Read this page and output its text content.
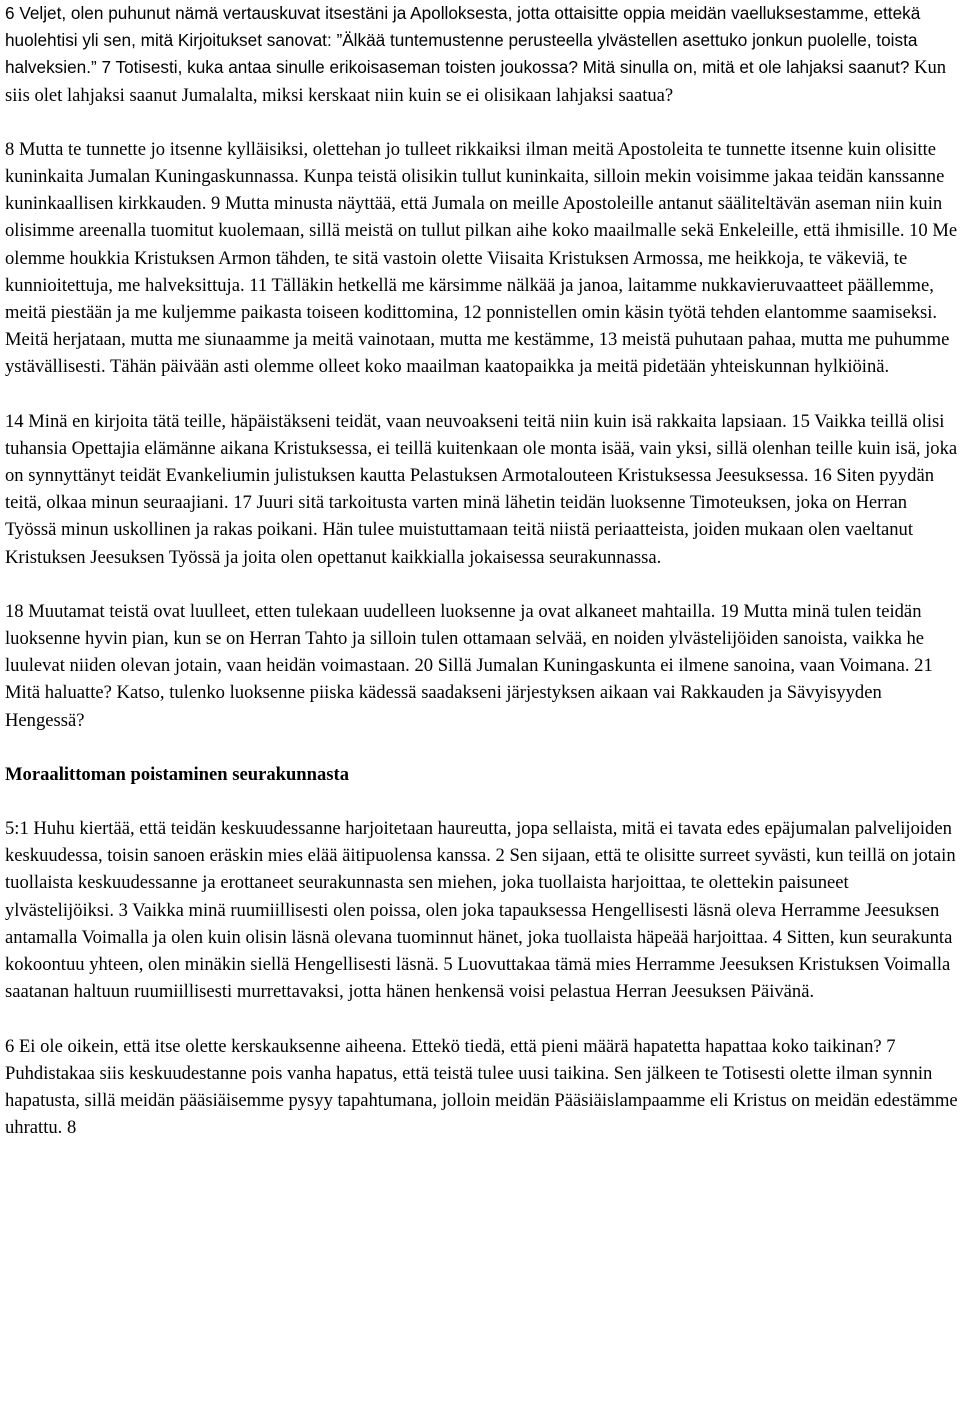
6 Veljet, olen puhunut nämä vertauskuvat itsestäni ja Apolloksesta, jotta ottaisitte oppia meidän vaelluksestamme, ettekä huolehtisi yli sen, mitä Kirjoitukset sanovat: ”Älkää tuntemustenne perusteella ylvästellen asettuko jonkun puolelle, toista halveksien.” 7 Totisesti, kuka antaa sinulle erikoisaseman toisten joukossa? Mitä sinulla on, mitä et ole lahjaksi saanut? Kun siis olet lahjaksi saanut Jumalalta, miksi kerskaat niin kuin se ei olisikaan lahjaksi saatua?

8 Mutta te tunnette jo itsenne kylläisiksi, olettehan jo tulleet rikkaiksi ilman meitä Apostoleita te tunnette itsenne kuin olisitte kuninkaita Jumalan Kuningaskunnassa. Kunpa teistä olisikin tullut kuninkaita, silloin mekin voisimme jakaa teidän kanssanne kuninkaallisen kirkkauden. 9 Mutta minusta näyttää, että Jumala on meille Apostoleille antanut sääliteltävän aseman niin kuin olisimme areenalla tuomitut kuolemaan, sillä meistä on tullut pilkan aihe koko maailmalle sekä Enkeleille, että ihmisille. 10 Me olemme houkkia Kristuksen Armon tähden, te sitä vastoin olette Viisaita Kristuksen Armossa, me heikkoja, te väkeviä, te kunnioitettuja, me halveksittuja. 11 Tälläkin hetkellä me kärsimme nälkää ja janoa, laitamme nukkavieruvaatteet päällemme, meitä piestään ja me kuljemme paikasta toiseen kodittomina, 12 ponnistellen omin käsin työtä tehden elantomme saamiseksi. Meitä herjataan, mutta me siunaamme ja meitä vainotaan, mutta me kestämme, 13 meistä puhutaan pahaa, mutta me puhumme ystävällisesti. Tähän päivään asti olemme olleet koko maailman kaatopaikka ja meitä pidetään yhteiskunnan hylkiöinä.

14 Minä en kirjoita tätä teille, häpäistäkseni teidät, vaan neuvoakseni teitä niin kuin isä rakkaita lapsiaan. 15 Vaikka teillä olisi tuhansia Opettajia elämänne aikana Kristuksessa, ei teillä kuitenkaan ole monta isää, vain yksi, sillä olenhan teille kuin isä, joka on synnyttänyt teidät Evankeliumin julistuksen kautta Pelastuksen Armotalouteen Kristuksessa Jeesuksessa. 16 Siten pyydän teitä, olkaa minun seuraajiani. 17 Juuri sitä tarkoitusta varten minä lähetin teidän luoksenne Timoteuksen, joka on Herran Työssä minun uskollinen ja rakas poikani. Hän tulee muistuttamaan teitä niistä periaatteista, joiden mukaan olen vaeltanut Kristuksen Jeesuksen Työssä ja joita olen opettanut kaikkialla jokaisessa seurakunnassa.

18 Muutamat teistä ovat luulleet, etten tulekaan uudelleen luoksenne ja ovat alkaneet mahtailla. 19 Mutta minä tulen teidän luoksenne hyvin pian, kun se on Herran Tahto ja silloin tulen ottamaan selvää, en noiden ylvästelijöiden sanoista, vaikka he luulevat niiden olevan jotain, vaan heidän voimastaan. 20 Sillä Jumalan Kuningaskunta ei ilmene sanoina, vaan Voimana. 21 Mitä haluatte? Katso, tulenko luoksenne piiska kädessä saadakseni järjestyksen aikaan vai Rakkauden ja Sävyisyyden Hengessä?

Moraalittoman poistaminen seurakunnasta

5:1 Huhu kiertää, että teidän keskuudessanne harjoitetaan haureutta, jopa sellaista, mitä ei tavata edes epäjumalan palvelijoiden keskuudessa, toisin sanoen eräskin mies elää äitipuolensa kanssa. 2 Sen sijaan, että te olisitte surreet syvästi, kun teillä on jotain tuollaista keskuudessanne ja erottaneet seurakunnasta sen miehen, joka tuollaista harjoittaa, te olettekin paisuneet ylvästelijöiksi. 3 Vaikka minä ruumiillisesti olen poissa, olen joka tapauksessa Hengellisesti läsnä oleva Herramme Jeesuksen antamalla Voimalla ja olen kuin olisin läsnä olevana tuominnut hänet, joka tuollaista häpeää harjoittaa. 4 Sitten, kun seurakunta kokoontuu yhteen, olen minäkin siellä Hengellisesti läsnä. 5 Luovuttakaa tämä mies Herramme Jeesuksen Kristuksen Voimalla saatanan haltuun ruumiillisesti murrettavaksi, jotta hänen henkensä voisi pelastua Herran Jeesuksen Päivänä.

6 Ei ole oikein, että itse olette kerskauksenne aiheena. Ettekö tiedä, että pieni määrä hapatetta hapattaa koko taikinan? 7 Puhdistakaa siis keskuudestanne pois vanha hapatus, että teistä tulee uusi taikina. Sen jälkeen te Totisesti olette ilman synnin hapatusta, sillä meidän pääsiäisemme pysyy tapahtumana, jolloin meidän Pääsiäislampaamme eli Kristus on meidän edestämme uhrattu. 8
